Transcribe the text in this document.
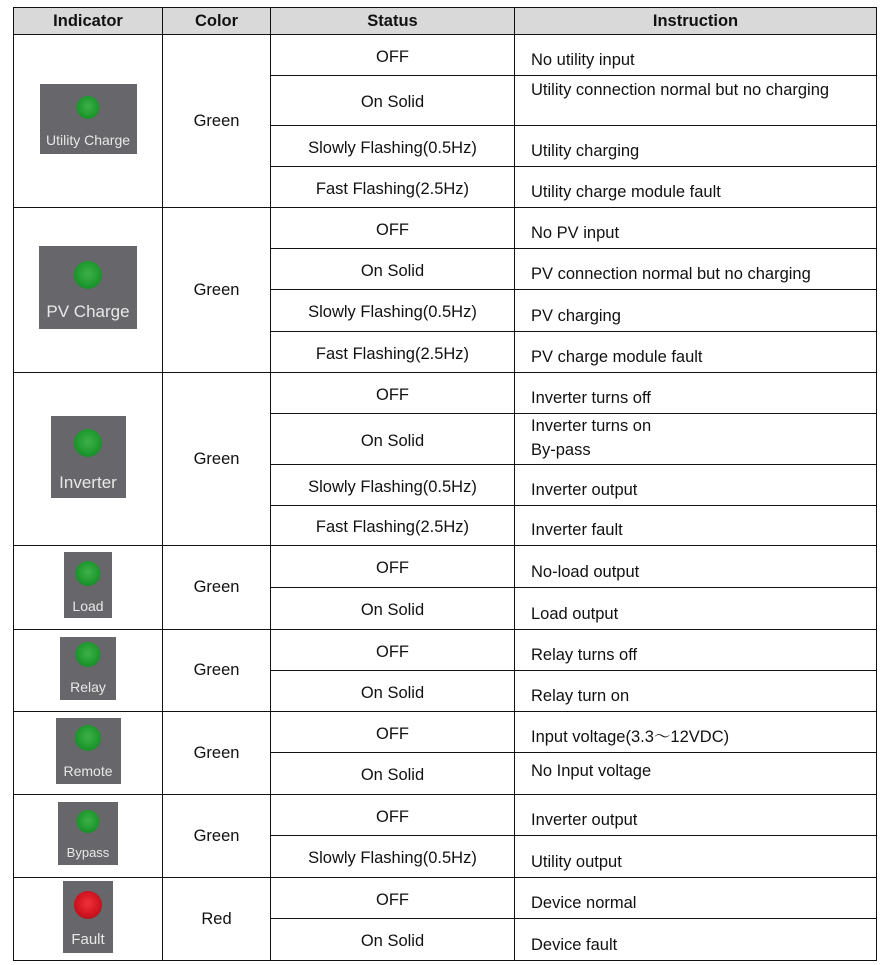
Indicator	Color	Status	Instruction

Utility Charge	Green	OFF	No utility input
		On Solid	Utility connection normal but no charging
		Slowly Flashing(0.5Hz)	Utility charging
		Fast Flashing(2.5Hz)	Utility charge module fault

PV Charge	Green	OFF	No PV input
		On Solid	PV connection normal but no charging
		Slowly Flashing(0.5Hz)	PV charging
		Fast Flashing(2.5Hz)	PV charge module fault

Inverter	Green	OFF	Inverter turns off
		On Solid	Inverter turns on
By-pass

		Slowly Flashing(0.5Hz)	Inverter output
		Fast Flashing(2.5Hz)	Inverter fault

Load	Green	OFF	No-load output
		On Solid	Load output

Relay	Green	OFF	Relay turns off
		On Solid	Relay turn on

Remote	Green	OFF	Input voltage(3.3～12VDC)
		On Solid	No Input voltage

Bypass	Green	OFF	Inverter output
		Slowly Flashing(0.5Hz)	Utility output

Fault	Red	OFF	Device normal
		On Solid	Device fault
